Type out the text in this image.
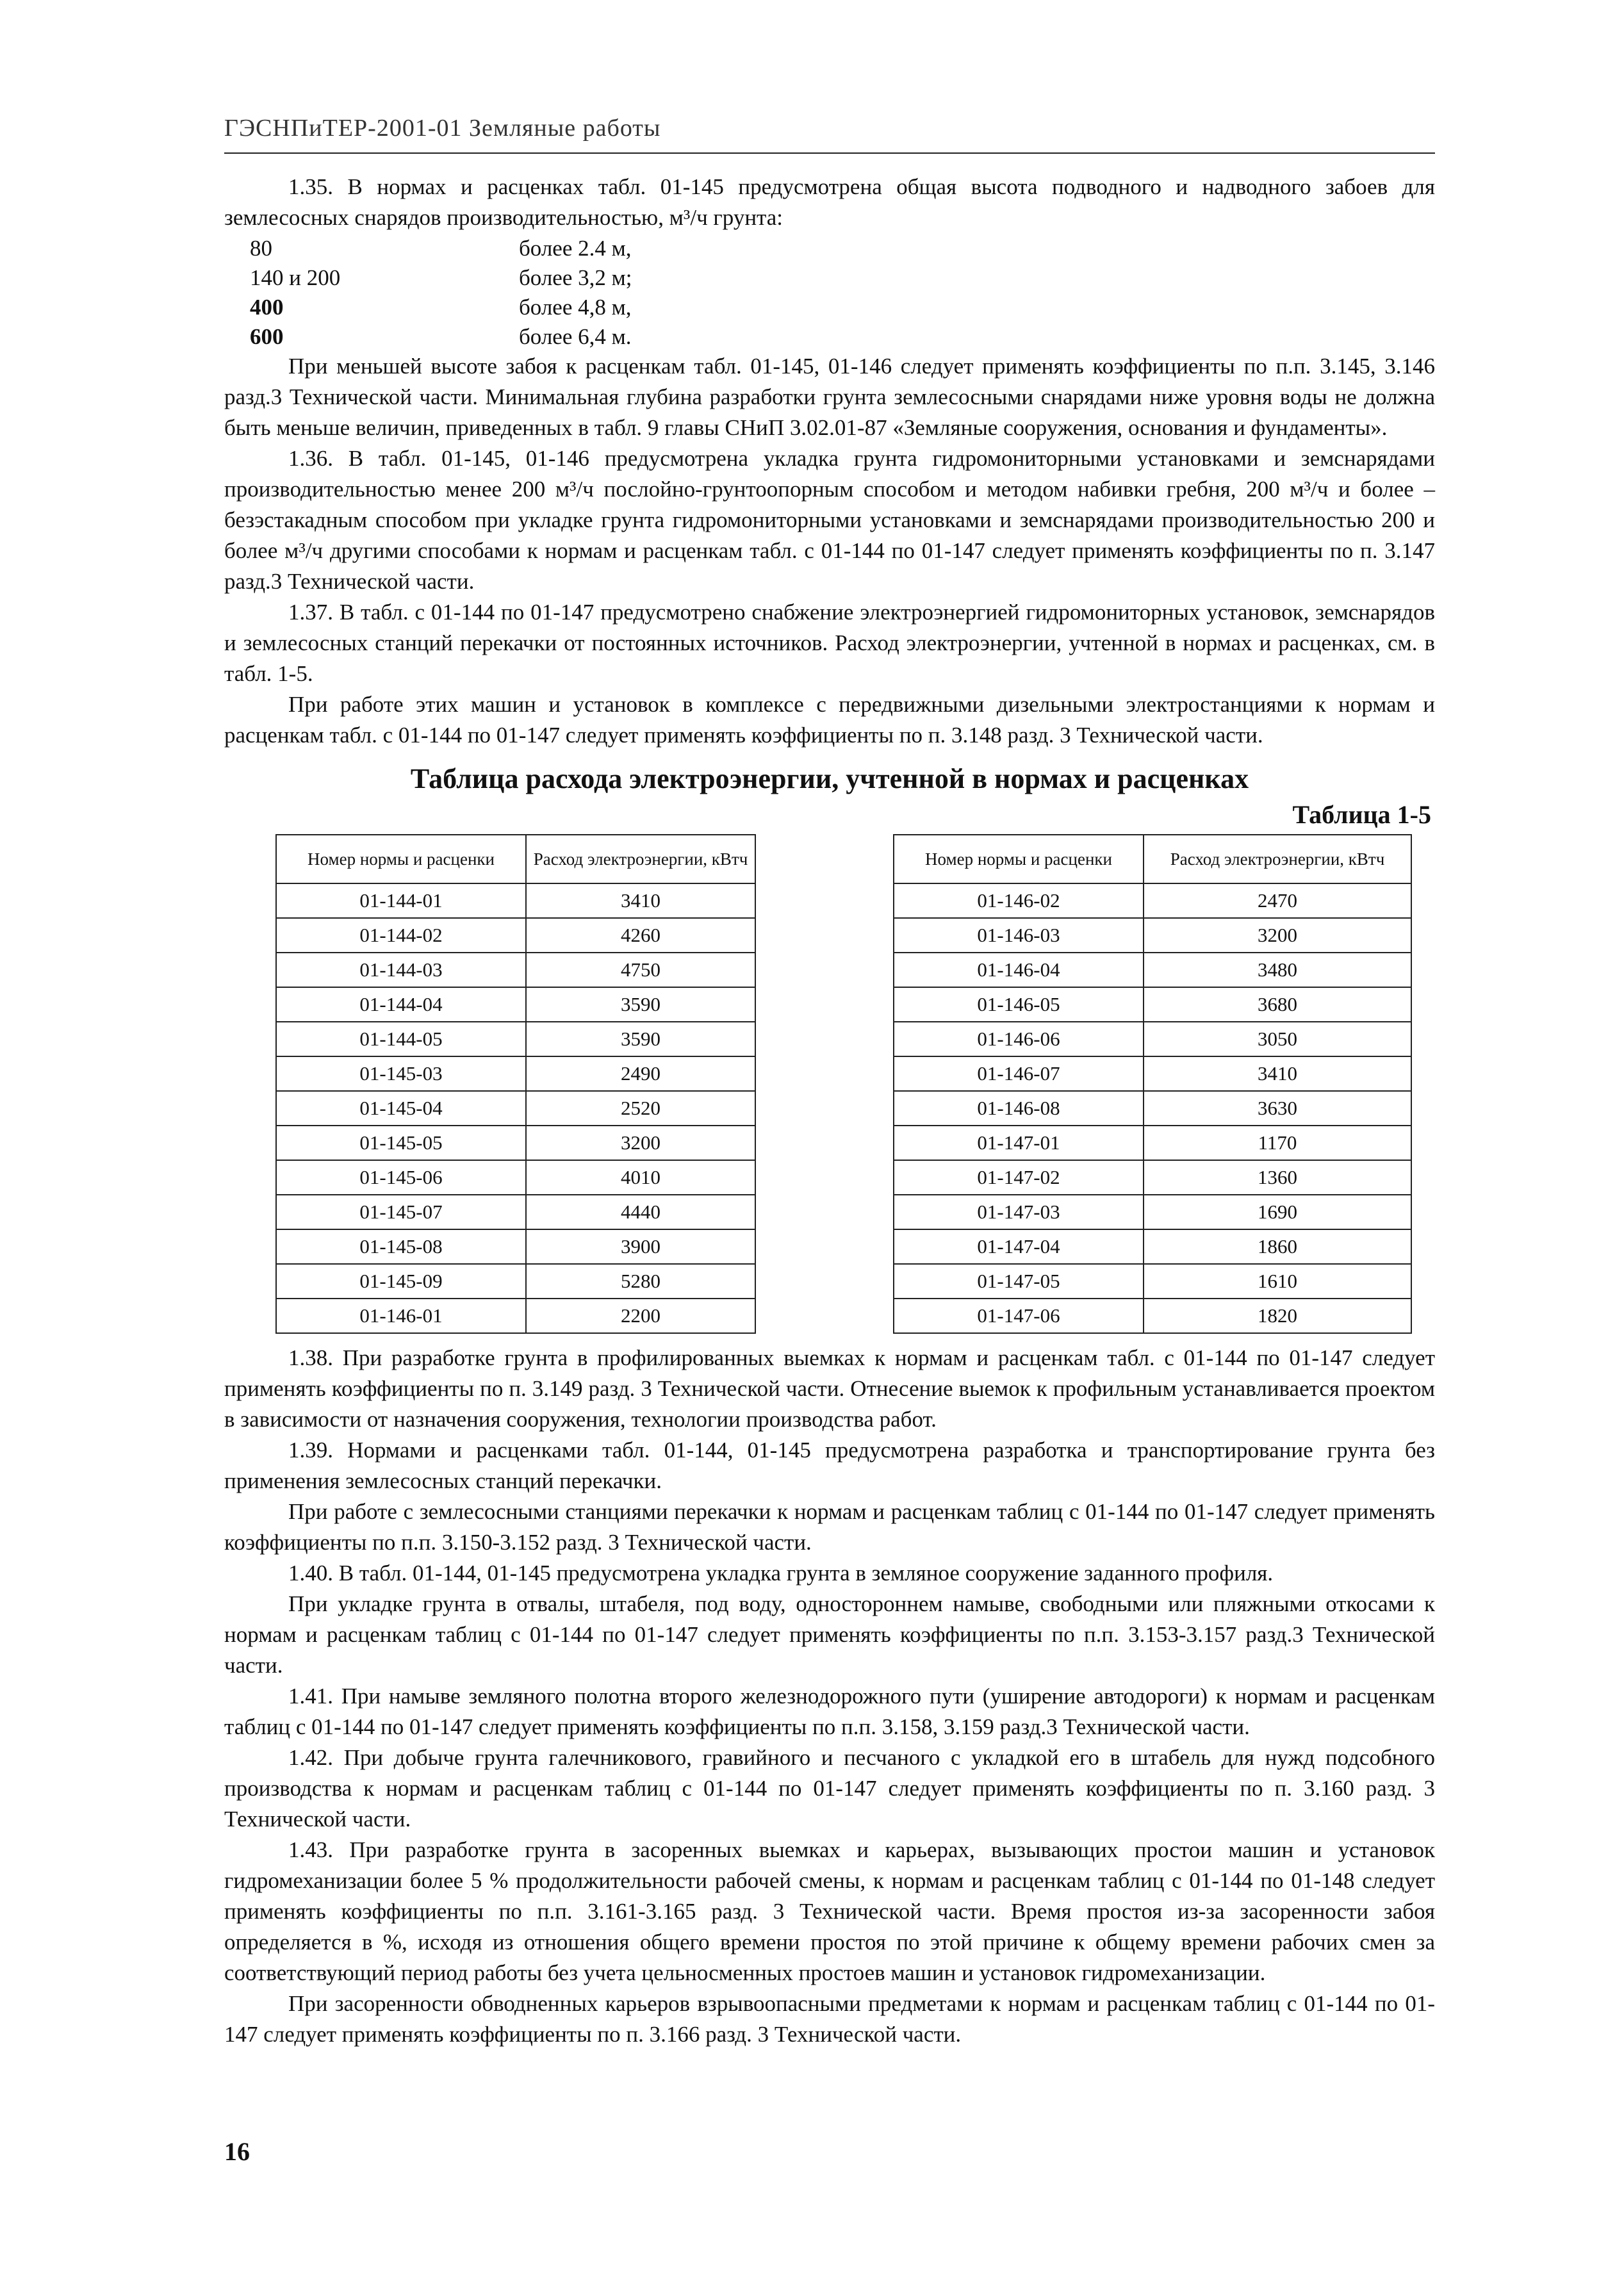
ГЭСНПиТЕР-2001-01 Земляные работы

1.35. В нормах и расценках табл. 01-145 предусмотрена общая высота подводного и надводного забоев для землесосных снарядов производительностью, м³/ч грунта:

80	более 2.4 м,
140 и 200	более 3,2 м;
400	более 4,8 м,
600	более 6,4 м.

При меньшей высоте забоя к расценкам табл. 01-145, 01-146 следует применять коэффициенты по п.п. 3.145, 3.146 разд.3 Технической части. Минимальная глубина разработки грунта землесосными снарядами ниже уровня воды не должна быть меньше величин, приведенных в табл. 9 главы СНиП 3.02.01-87 «Земляные сооружения, основания и фундаменты».

1.36. В табл. 01-145, 01-146 предусмотрена укладка грунта гидромониторными установками и земснарядами производительностью менее 200 м³/ч послойно-грунтоопорным способом и методом набивки гребня, 200 м³/ч и более – безэстакадным способом при укладке грунта гидромониторными установками и земснарядами производительностью 200 и более м³/ч другими способами к нормам и расценкам табл. с 01-144 по 01-147 следует применять коэффициенты по п. 3.147 разд.3 Технической части.

1.37. В табл. с 01-144 по 01-147 предусмотрено снабжение электроэнергией гидромониторных установок, земснарядов и землесосных станций перекачки от постоянных источников. Расход электроэнергии, учтенной в нормах и расценках, см. в табл. 1-5.

При работе этих машин и установок в комплексе с передвижными дизельными электростанциями к нормам и расценкам табл. с 01-144 по 01-147 следует применять коэффициенты по п. 3.148 разд. 3 Технической части.

Таблица расхода электроэнергии, учтенной в нормах и расценках
Таблица 1-5
Номер нормы и расценки	Расход электроэнергии, кВтч
01-144-01	3410
01-144-02	4260
01-144-03	4750
01-144-04	3590
01-144-05	3590
01-145-03	2490
01-145-04	2520
01-145-05	3200
01-145-06	4010
01-145-07	4440
01-145-08	3900
01-145-09	5280
01-146-01	2200
Номер нормы и расценки	Расход электроэнергии, кВтч
01-146-02	2470
01-146-03	3200
01-146-04	3480
01-146-05	3680
01-146-06	3050
01-146-07	3410
01-146-08	3630
01-147-01	1170
01-147-02	1360
01-147-03	1690
01-147-04	1860
01-147-05	1610
01-147-06	1820

1.38. При разработке грунта в профилированных выемках к нормам и расценкам табл. с 01-144 по 01-147 следует применять коэффициенты по п. 3.149 разд. 3 Технической части. Отнесение выемок к профильным устанавливается проектом в зависимости от назначения сооружения, технологии производства работ.

1.39. Нормами и расценками табл. 01-144, 01-145 предусмотрена разработка и транспортирование грунта без применения землесосных станций перекачки.

При работе с землесосными станциями перекачки к нормам и расценкам таблиц с 01-144 по 01-147 следует применять коэффициенты по п.п. 3.150-3.152 разд. 3 Технической части.

1.40. В табл. 01-144, 01-145 предусмотрена укладка грунта в земляное сооружение заданного профиля.

При укладке грунта в отвалы, штабеля, под воду, одностороннем намыве, свободными или пляжными откосами к нормам и расценкам таблиц с 01-144 по 01-147 следует применять коэффициенты по п.п. 3.153-3.157 разд.3 Технической части.

1.41. При намыве земляного полотна второго железнодорожного пути (уширение автодороги) к нормам и расценкам таблиц с 01-144 по 01-147 следует применять коэффициенты по п.п. 3.158, 3.159 разд.3 Технической части.

1.42. При добыче грунта галечникового, гравийного и песчаного с укладкой его в штабель для нужд подсобного производства к нормам и расценкам таблиц с 01-144 по 01-147 следует применять коэффициенты по п. 3.160 разд. 3 Технической части.

1.43. При разработке грунта в засоренных выемках и карьерах, вызывающих простои машин и установок гидромеханизации более 5 % продолжительности рабочей смены, к нормам и расценкам таблиц с 01-144 по 01-148 следует применять коэффициенты по п.п. 3.161-3.165 разд. 3 Технической части. Время простоя из-за засоренности забоя определяется в %, исходя из отношения общего времени простоя по этой причине к общему времени рабочих смен за соответствующий период работы без учета цельносменных простоев машин и установок гидромеханизации.

При засоренности обводненных карьеров взрывоопасными предметами к нормам и расценкам таблиц с 01-144 по 01-147 следует применять коэффициенты по п. 3.166 разд. 3 Технической части.

16
